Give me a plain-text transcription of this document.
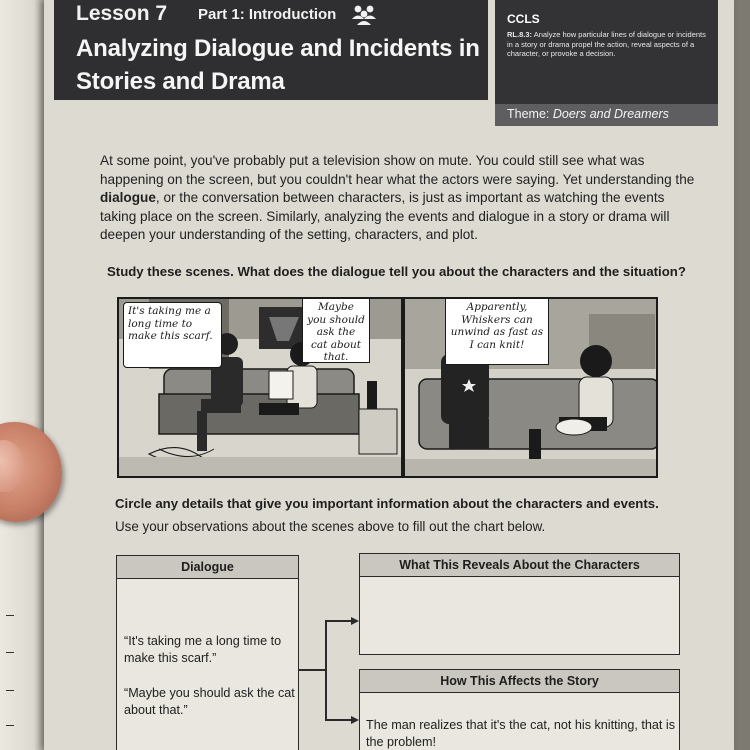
Lesson 7 Part 1: Introduction
Analyzing Dialogue and Incidents in Stories and Drama
CCLS
RL.8.3: Analyze how particular lines of dialogue or incidents in a story or drama propel the action, reveal aspects of a character, or provoke a decision.
Theme: Doers and Dreamers

At some point, you've probably put a television show on mute. You could still see what was happening on the screen, but you couldn't hear what the actors were saying. Yet understanding the dialogue, or the conversation between characters, is just as important as watching the events taking place on the screen. Similarly, analyzing the events and dialogue in a story or drama will deepen your understanding of the setting, characters, and plot.

Study these scenes. What does the dialogue tell you about the characters and the situation?
It's taking me a long time to make this scarf.
Maybe you should ask the cat about that.
Apparently, Whiskers can unwind as fast as I can knit!
Circle any details that give you important information about the characters and events.
Use your observations about the scenes above to fill out the chart below.
Dialogue
“It's taking me a long time to make this scarf.”
“Maybe you should ask the cat about that.”
What This Reveals About the Characters
How This Affects the Story
The man realizes that it's the cat, not his knitting, that is the problem!
